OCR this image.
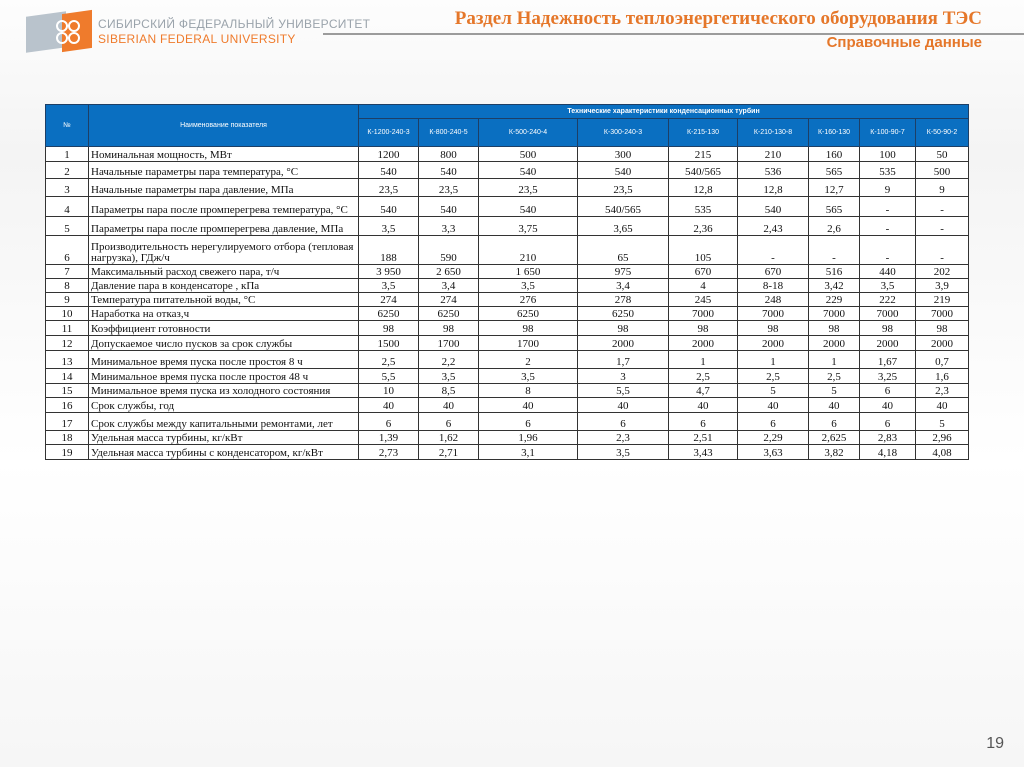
СИБИРСКИЙ ФЕДЕРАЛЬНЫЙ УНИВЕРСИТЕТ
SIBERIAN FEDERAL UNIVERSITY
Раздел Надежность теплоэнергетического оборудования ТЭС
Справочные данные
№	Наименование показателя	Технические характеристики конденсационных турбин								
		К-1200-240-3	К-800-240-5	К-500-240-4	К-300-240-3	К-215-130	К-210-130-8	К-160-130	К-100-90-7	К-50-90-2
1	Номинальная мощность, МВт	1200	800	500	300	215	210	160	100	50
2	Начальные параметры пара температура, °С	540	540	540	540	540/565	536	565	535	500
3	Начальные параметры пара давление, МПа	23,5	23,5	23,5	23,5	12,8	12,8	12,7	9	9
4	Параметры пара после промперегрева температура, °С	540	540	540	540/565	535	540	565	-	-
5	Параметры пара после промперегрева давление, МПа	3,5	3,3	3,75	3,65	2,36	2,43	2,6	-	-
6	Производительность нерегулируемого отбора (тепловая нагрузка), ГДж/ч	188	590	210	65	105	-	-	-	-
7	Максимальный расход свежего пара, т/ч	3 950	2 650	1 650	975	670	670	516	440	202
8	Давление пара в конденсаторе , кПа	3,5	3,4	3,5	3,4	4	8-18	3,42	3,5	3,9
9	Температура питательной воды, °С	274	274	276	278	245	248	229	222	219
10	Наработка на отказ,ч	6250	6250	6250	6250	7000	7000	7000	7000	7000
11	Коэффициент готовности	98	98	98	98	98	98	98	98	98
12	Допускаемое число пусков за срок службы	1500	1700	1700	2000	2000	2000	2000	2000	2000
13	Минимальное время пуска после простоя 8 ч	2,5	2,2	2	1,7	1	1	1	1,67	0,7
14	Минимальное время пуска после простоя 48 ч	5,5	3,5	3,5	3	2,5	2,5	2,5	3,25	1,6
15	Минимальное время пуска из холодного состояния	10	8,5	8	5,5	4,7	5	5	6	2,3
16	Срок службы, год	40	40	40	40	40	40	40	40	40
17	Срок службы между капитальными ремонтами, лет	6	6	6	6	6	6	6	6	5
18	Удельная масса турбины, кг/кВт	1,39	1,62	1,96	2,3	2,51	2,29	2,625	2,83	2,96
19	Удельная масса турбины с конденсатором, кг/кВт	2,73	2,71	3,1	3,5	3,43	3,63	3,82	4,18	4,08
19
